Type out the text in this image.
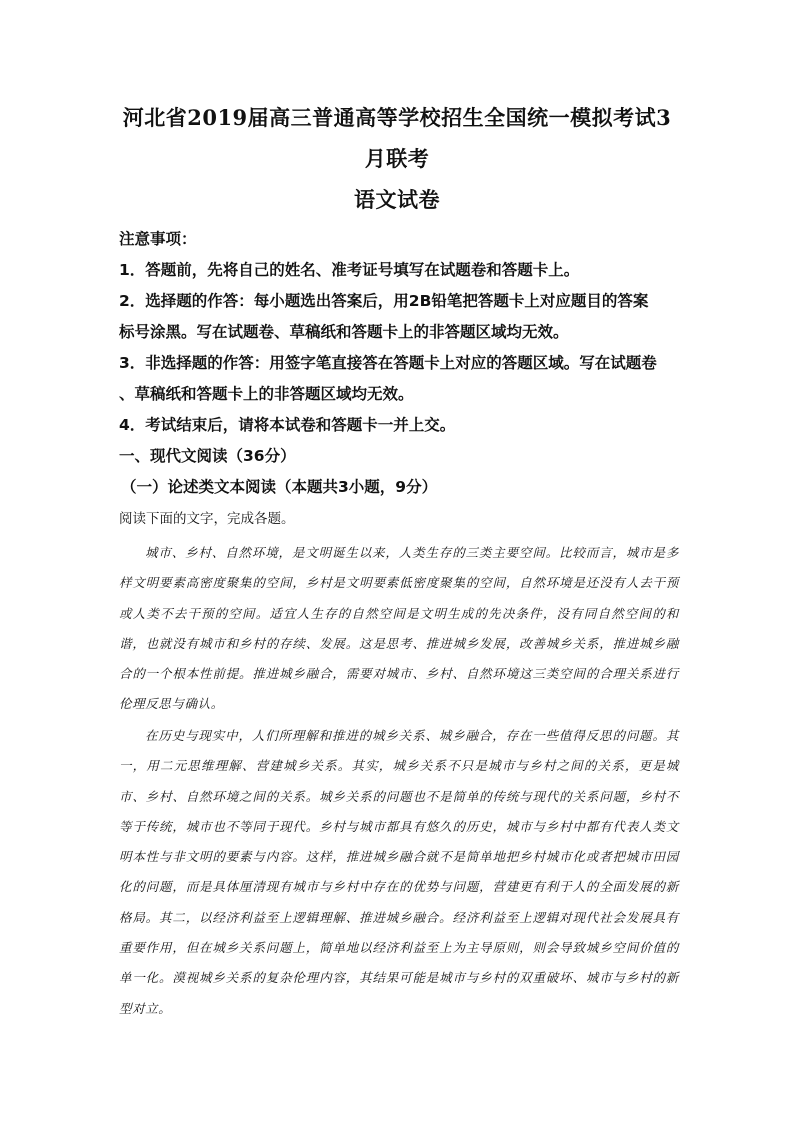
河北省2019届高三普通高等学校招生全国统一模拟考试3
月联考
语文试卷
注意事项：
1．答题前，先将自己的姓名、准考证号填写在试题卷和答题卡上。
2．选择题的作答：每小题选出答案后，用2B铅笔把答题卡上对应题目的答案
标号涂黑。写在试题卷、草稿纸和答题卡上的非答题区域均无效。
3．非选择题的作答：用签字笔直接答在答题卡上对应的答题区域。写在试题卷
、草稿纸和答题卡上的非答题区域均无效。
4．考试结束后，请将本试卷和答题卡一并上交。
一、现代文阅读（36分）
（一）论述类文本阅读（本题共3小题，9分）
阅读下面的文字，完成各题。

城市、乡村、自然环境，是文明诞生以来，人类生存的三类主要空间。比较而言，城市是多样文明要素高密度聚集的空间，乡村是文明要素低密度聚集的空间，自然环境是还没有人去干预或人类不去干预的空间。适宜人生存的自然空间是文明生成的先决条件，没有同自然空间的和谐，也就没有城市和乡村的存续、发展。这是思考、推进城乡发展，改善城乡关系，推进城乡融合的一个根本性前提。推进城乡融合，需要对城市、乡村、自然环境这三类空间的合理关系进行伦理反思与确认。

在历史与现实中，人们所理解和推进的城乡关系、城乡融合，存在一些值得反思的问题。其一，用二元思维理解、营建城乡关系。其实，城乡关系不只是城市与乡村之间的关系，更是城市、乡村、自然环境之间的关系。城乡关系的问题也不是简单的传统与现代的关系问题，乡村不等于传统，城市也不等同于现代。乡村与城市都具有悠久的历史，城市与乡村中都有代表人类文明本性与非文明的要素与内容。这样，推进城乡融合就不是简单地把乡村城市化或者把城市田园化的问题，而是具体厘清现有城市与乡村中存在的优势与问题，营建更有利于人的全面发展的新格局。其二，以经济利益至上逻辑理解、推进城乡融合。经济利益至上逻辑对现代社会发展具有重要作用，但在城乡关系问题上，简单地以经济利益至上为主导原则，则会导致城乡空间价值的单一化。漠视城乡关系的复杂伦理内容，其结果可能是城市与乡村的双重破坏、城市与乡村的新型对立。
